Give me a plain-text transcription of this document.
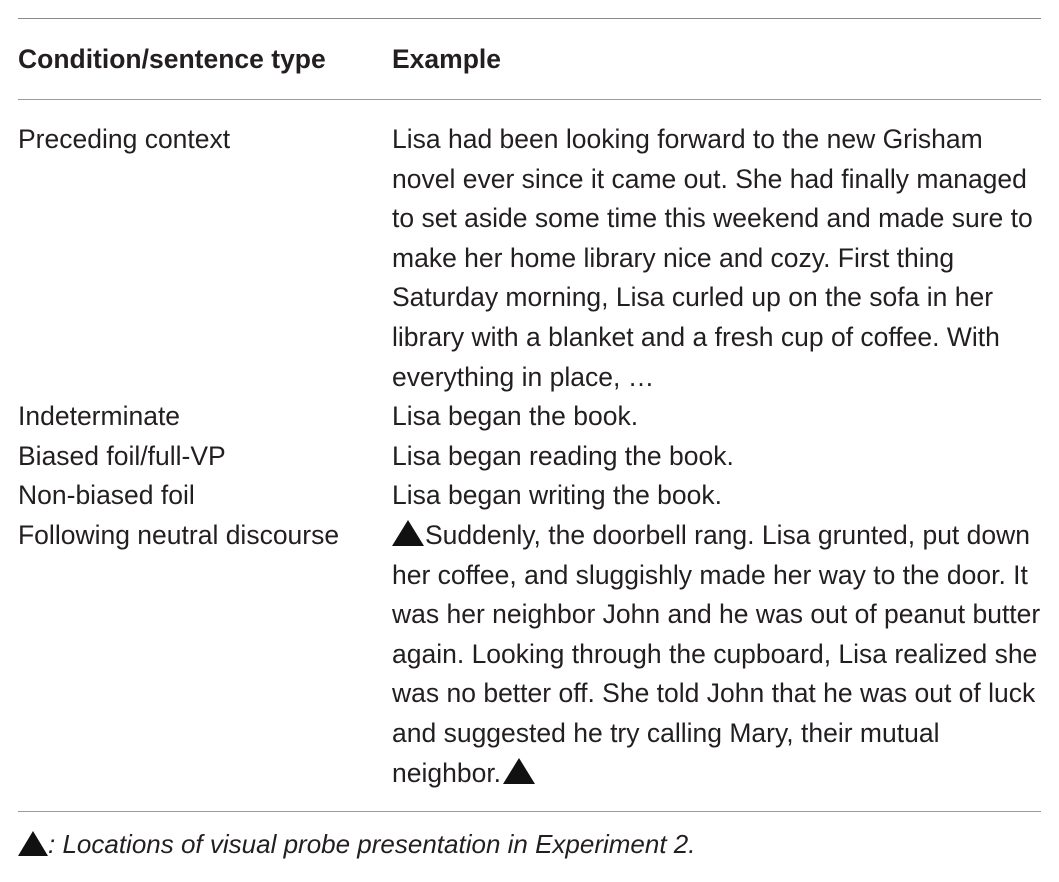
Condition/sentence type	Example
Preceding context	Lisa had been looking forward to the new Grisham novel ever since it came out. She had finally managed to set aside some time this weekend and made sure to make her home library nice and cozy. First thing Saturday morning, Lisa curled up on the sofa in her library with a blanket and a fresh cup of coffee. With everything in place, …
Indeterminate	Lisa began the book.
Biased foil/full-VP	Lisa began reading the book.
Non-biased foil	Lisa began writing the book.
Following neutral discourse	Suddenly, the doorbell rang. Lisa grunted, put down her coffee, and sluggishly made her way to the door. It was her neighbor John and he was out of peanut butter again. Looking through the cupboard, Lisa realized she was no better off. She told John that he was out of luck and suggested he try calling Mary, their mutual neighbor.
: Locations of visual probe presentation in Experiment 2.
